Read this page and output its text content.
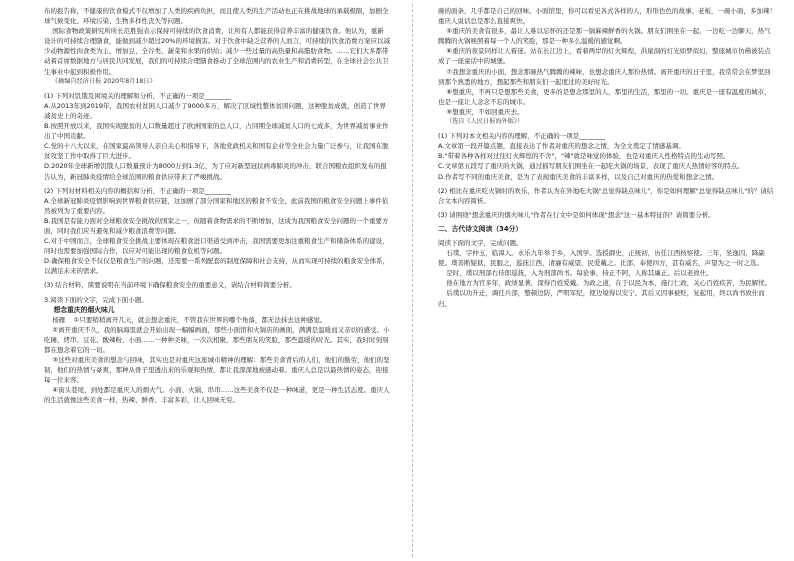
布的报告称，不健康的饮食模式不仅增加了人类的疾病负担，而且使人类的生产活动也正在挑战地球的承载极限，加剧全球气候变化、环境污染、生物多样性丧失等问题。

国际食物政策研究所所长范胜强表示保持可持续的饮食消费，让所有人都能获得营养丰富的健康饮食。他认为，重新设计的可持续合理膳食，能做到减少超过20%的环境损害。对于饮食中缺乏营养的人而言，可持续的饮食消费方案应以减少动物源性肉食类为主，增加豆、全谷类、蔬菜和水果的供给；减少一些过量的高热量和高脂肪食物。……它们大多都带动着首席数据地方与居民共同发展，我们的可持续合理膳食推动了全球范围内的农业生产和消费转型，在全球社会公共卫生事业中起到积极作用。

《摘编自经济日报 2020年8月18日》

(1) 下列对饥饿及困境关的理解和分析，不正确的一项是________

A.从2013年到2019年，我国农村贫困人口减少了9000多万，解决了区域性整体贫困问题，这种脱贫成就，创造了世界减贫史上的奇迹。

B.按照开放以来，我国实现脱贫的人口数量超过了欧洲国家的总人口，占同期全球减贫人口的七成多，为世界减贫事业作出了中国贡献。

C.党的十八大以来，在国家最高领导人亲自关心和指导下，各地党政机关和国有企业等全社会力量广泛参与，让我国在脱贫攻坚工作中取得了巨大进步。

D.2020年全球新增饥饿人口数量预计为8000万到1.3亿，为了应对新型冠状病毒肺炎的冲击，联合国粮农组织发布的报告认为，新冠肺炎疫情给全球范围的粮食供应带来了严峻挑战。

(2) 下列对材料相关内容的概括和分析，不正确的一项是________

A.全球新冠肺炎疫情影响到世界粮食供应链，这加剧了部分国家和地区的粮食不安全，此前我国的粮食安全问题上事件依然被列为了重要内容。

B.我国是有能力面对全球粮食安全挑战的国家之一，但随着食物需求的不断增加，这成为我国粮食安全问题的一个重要方面，同时我们应当避免和减少粮食浪费等问题。

C.对于中国而言，全球粮食安全挑战主要体现在粮食进口渠道受到冲击，我国需要更加注重粮食生产和储备体系的建设，同时也需要加强国际合作，以应对可能出现的粮食危机等问题。

D.确保粮食安全不仅仅是粮食生产的问题，还需要一系列配套的制度保障和社会支持，从而实现可持续的粮食安全体系，以满足未来的需求。

(3) 结合材料，简要说明在当前环境下确保粮食安全的重要意义，请结合材料简要分析。

3.阅读下面的文字，完成下面小题。

想念重庆的烟火味儿

杨雁    ①只要稍稍离开几天，就会想念重庆，不管我在世界的哪个角落，都无法抹去这种感觉。

②离开重庆不久，我的脑海里就会开始出现一幅幅画面，那些小面馆和火锅店的画面，满满是温暖而又亲切的感受。小吃摊、烤串、豆花、酸辣粉、小面……一种种美味，一次次相聚，那些朋友的笑脸，那些温暖的时光。其实，我时时刻刻都在想念着它的一切。

③这些对重庆美食的想念与回味，其实也是对重庆这座城市精神的理解：那些美食背后的人们，他们的勤劳，他们的坚韧，他们的热情与豪爽，那种从骨子里透出来的乐观和热情，都让我深深地被感动着。重庆人总是以最热情的姿态，迎接每一位来客。

④街头巷尾，到处都是重庆人的烟火气。小面、火锅、串串……这些美食不仅是一种味道，更是一种生活态度。重庆人的生活就像这些美食一样，热辣、鲜香、丰富多彩，让人回味无穷。

碗的面条，几乎都是自己的回味。小面馆里，你可以看见各式各样的人，形形色色的故事。老板，一碗小面，多加辣！重庆人说话总是那么直接爽快。

⑤重庆的美食有很多，最让人难以忘怀的还是那一锅麻辣鲜香的火锅。朋友们围坐在一起，一边吃一边聊天，热气腾腾的火锅映照着每一个人的笑脸，那是一种多么温暖的感觉啊。

⑥重庆的夜景同样让人着迷。站在长江边上，看着两岸的灯火辉煌，洪崖洞的灯光如梦似幻，整座城市仿佛被装点成了一座童话中的城堡。

⑦我想念重庆的小面，想念那碗热气腾腾的辣味，也想念重庆人那份热情。离开重庆的日子里，我常常会在梦里回到那个熟悉的地方，想起那些和朋友们一起度过的美好时光。

⑧想重庆，不再只是想那些美食，更多的是想念那里的人，那里的生活，那里的一切。重庆是一座有温度的城市，也是一座让人念念不忘的城市。

⑨想重庆，不如回重庆去。

（选自《人民日报海外版》）

(1) 下列对本文相关内容的理解，不正确的一项是________

A.文章第一段开篇点题，直接表达了作者对重庆的想念之情，为全文奠定了情感基调。

B."带着各种各样对过往灯火辉煌的不舍"，"辣"就是味觉的体验，也是对重庆人性格特点的生动写照。

C.文章第五段写了重庆的火锅，通过描写朋友们围坐在一起吃火锅的场景，表现了重庆人热情好客的特点。

D.作者写不同的重庆美食，是为了表现重庆美食的丰富多样，以及自己对重庆的热爱和想念之情。

(2) 相比在重庆吃火锅时的欢乐，作者认为在外地吃火锅"总觉得缺点味儿"，你是如何理解"总觉得缺点味儿"的？请结合文本内容简析。

(3) 请围绕"想念重庆的烟火味儿"作者在行文中是如何体现"想念"这一基本特征的？请简要分析。

二、古代诗文阅读（34分）

阅读下面的文字，完成问题。

石璞，字仲玉，临漳人。永乐九年举于乡，入国学。选授御史，正统初，历任江西按察使。三年，坐逸囚，降副使。璞善断疑狱，民服之，巡抚江西，清廉有威望，民爱戴之。比部，奉使四方，甚有威名，声望为之一时之选。

是时，璞以刑部右侍郎巡抚，入为刑部尚书。每论事，持正不阿，人称其廉正。后以老致仕。

他在地方为官多年，政绩显著，深得百姓爱戴。为政之道，在于以民为本，施行仁政，关心百姓疾苦，为民解忧。

后璞以功升迁，调任兵部，整顿边防，严明军纪，使边境得以安宁。其后又因事被贬，复起用，终以尚书致仕而归。
